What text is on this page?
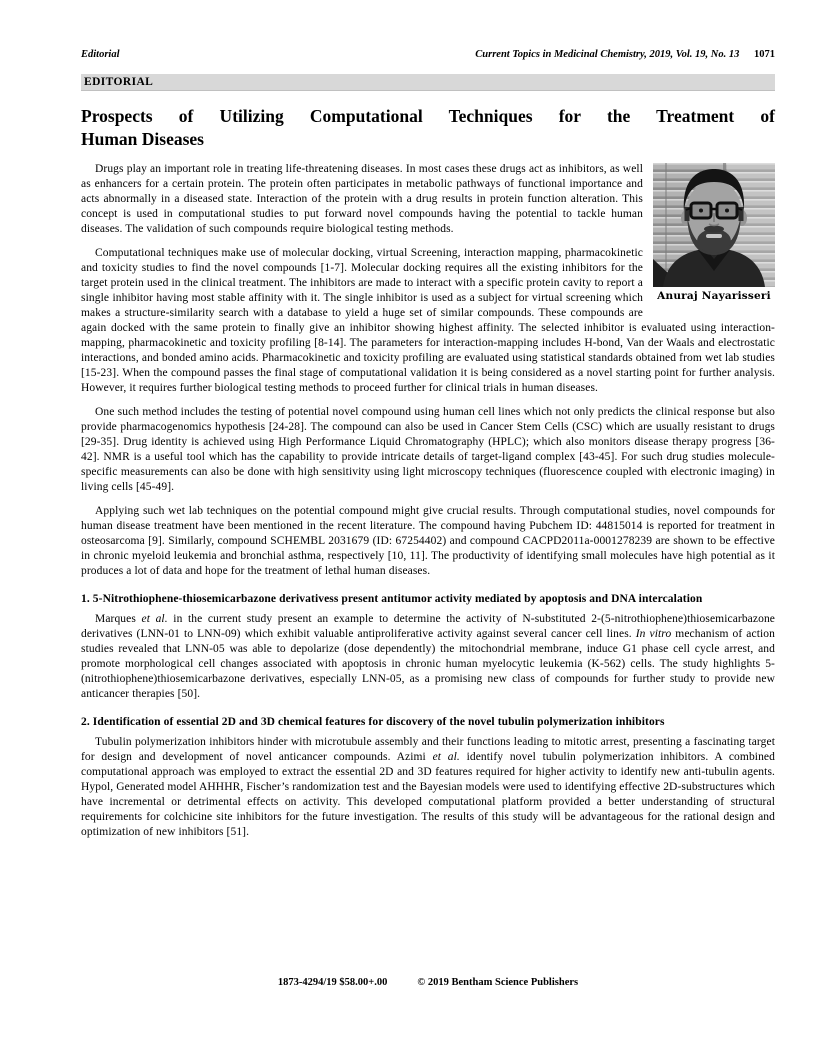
Editorial	Current Topics in Medicinal Chemistry, 2019, Vol. 19, No. 13 1071
EDITORIAL
Prospects of Utilizing Computational Techniques for the Treatment of
Human Diseases
Anuraj Nayarisseri

Drugs play an important role in treating life-threatening diseases. In most cases these drugs act as inhibitors, as well as enhancers for a certain protein. The protein often participates in metabolic pathways of functional importance and acts abnormally in a diseased state. Interaction of the protein with a drug results in protein function alteration. This concept is used in computational studies to put forward novel compounds having the potential to tackle human diseases. The validation of such compounds require biological testing methods.

Computational techniques make use of molecular docking, virtual Screening, interaction mapping, pharmacokinetic and toxicity studies to find the novel compounds [1-7]. Molecular docking requires all the existing inhibitors for the target protein used in the clinical treatment. The inhibitors are made to interact with a specific protein cavity to report a single inhibitor having most stable affinity with it. The single inhibitor is used as a subject for virtual screening which makes a structure-similarity search with a database to yield a huge set of similar compounds. These compounds are again docked with the same protein to finally give an inhibitor showing highest affinity. The selected inhibitor is evaluated using interaction-mapping, pharmacokinetic and toxicity profiling [8-14]. The parameters for interaction-mapping includes H-bond, Van der Waals and electrostatic interactions, and bonded amino acids. Pharmacokinetic and toxicity profiling are evaluated using statistical standards obtained from wet lab studies [15-23]. When the compound passes the final stage of computational validation it is being considered as a novel starting point for further analysis. However, it requires further biological testing methods to proceed further for clinical trials in human diseases.

One such method includes the testing of potential novel compound using human cell lines which not only predicts the clinical response but also provide pharmacogenomics hypothesis [24-28]. The compound can also be used in Cancer Stem Cells (CSC) which are usually resistant to drugs [29-35]. Drug identity is achieved using High Performance Liquid Chromatography (HPLC); which also monitors disease therapy progress [36-42]. NMR is a useful tool which has the capability to provide intricate details of target-ligand complex [43-45]. For such drug studies molecule-specific measurements can also be done with high sensitivity using light microscopy techniques (fluorescence coupled with electronic imaging) in living cells [45-49].

Applying such wet lab techniques on the potential compound might give crucial results. Through computational studies, novel compounds for human disease treatment have been mentioned in the recent literature. The compound having Pubchem ID: 44815014 is reported for treatment in osteosarcoma [9]. Similarly, compound SCHEMBL 2031679 (ID: 67254402) and compound CACPD2011a-0001278239 are shown to be effective in chronic myeloid leukemia and bronchial asthma, respectively [10, 11]. The productivity of identifying small molecules have high potential as it produces a lot of data and hope for the treatment of lethal human diseases.

1. 5-Nitrothiophene-thiosemicarbazone derivativess present antitumor activity mediated by apoptosis and DNA intercalation

Marques et al. in the current study present an example to determine the activity of N-substituted 2-(5-nitrothiophene)thiosemicarbazone derivatives (LNN-01 to LNN-09) which exhibit valuable antiproliferative activity against several cancer cell lines. In vitro mechanism of action studies revealed that LNN-05 was able to depolarize (dose dependently) the mitochondrial membrane, induce G1 phase cell cycle arrest, and promote morphological cell changes associated with apoptosis in chronic human myelocytic leukemia (K-562) cells. The study highlights 5-(nitrothiophene)thiosemicarbazone derivatives, especially LNN-05, as a promising new class of compounds for further study to provide new anticancer therapies [50].

2. Identification of essential 2D and 3D chemical features for discovery of the novel tubulin polymerization inhibitors

Tubulin polymerization inhibitors hinder with microtubule assembly and their functions leading to mitotic arrest, presenting a fascinating target for design and development of novel anticancer compounds. Azimi et al. identify novel tubulin polymerization inhibitors. A combined computational approach was employed to extract the essential 2D and 3D features required for higher activity to identify new anti-tubulin agents. Hypol, Generated model AHHHR, Fischer’s randomization test and the Bayesian models were used to identifying effective 2D-substructures which have incremental or detrimental effects on activity. This developed computational platform provided a better understanding of structural requirements for colchicine site inhibitors for the future investigation. The results of this study will be advantageous for the rational design and optimization of new inhibitors [51].

1873-4294/19 $58.00+.00	© 2019 Bentham Science Publishers
